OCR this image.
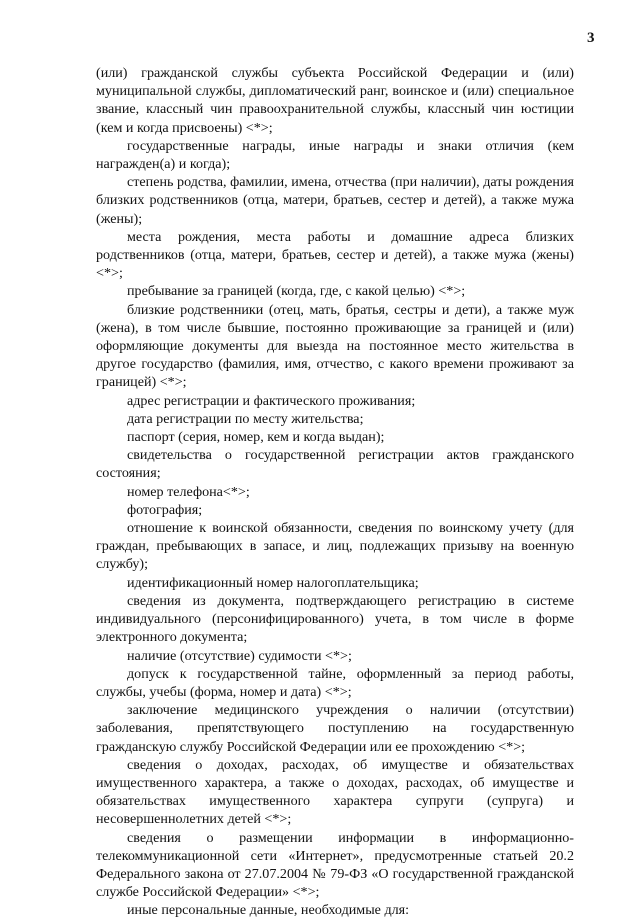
3

(или) гражданской службы субъекта Российской Федерации и (или) муниципальной службы, дипломатический ранг, воинское и (или) специальное звание, классный чин правоохранительной службы, классный чин юстиции (кем и когда присвоены) <*>;

государственные награды, иные награды и знаки отличия (кем награжден(а) и когда);

степень родства, фамилии, имена, отчества (при наличии), даты рождения близких родственников (отца, матери, братьев, сестер и детей), а также мужа (жены);

места рождения, места работы и домашние адреса близких родственников (отца, матери, братьев, сестер и детей), а также мужа (жены) <*>;

пребывание за границей (когда, где, с какой целью) <*>;

близкие родственники (отец, мать, братья, сестры и дети), а также муж (жена), в том числе бывшие, постоянно проживающие за границей и (или) оформляющие документы для выезда на постоянное место жительства в другое государство (фамилия, имя, отчество, с какого времени проживают за границей) <*>;

адрес регистрации и фактического проживания;

дата регистрации по месту жительства;

паспорт (серия, номер, кем и когда выдан);

свидетельства о государственной регистрации актов гражданского состояния;

номер телефона<*>;

фотография;

отношение к воинской обязанности, сведения по воинскому учету (для граждан, пребывающих в запасе, и лиц, подлежащих призыву на военную службу);

идентификационный номер налогоплательщика;

сведения из документа, подтверждающего регистрацию в системе индивидуального (персонифицированного) учета, в том числе в форме электронного документа;

наличие (отсутствие) судимости <*>;

допуск к государственной тайне, оформленный за период работы, службы, учебы (форма, номер и дата) <*>;

заключение медицинского учреждения о наличии (отсутствии) заболевания, препятствующего поступлению на государственную гражданскую службу Российской Федерации или ее прохождению <*>;

сведения о доходах, расходах, об имуществе и обязательствах имущественного характера, а также о доходах, расходах, об имуществе и обязательствах имущественного характера супруги (супруга) и несовершеннолетних детей <*>;

сведения о размещении информации в информационно-телекоммуникационной сети «Интернет», предусмотренные статьей 20.2 Федерального закона от 27.07.2004 № 79-ФЗ «О государственной гражданской службе Российской Федерации» <*>;

иные персональные данные, необходимые для:
